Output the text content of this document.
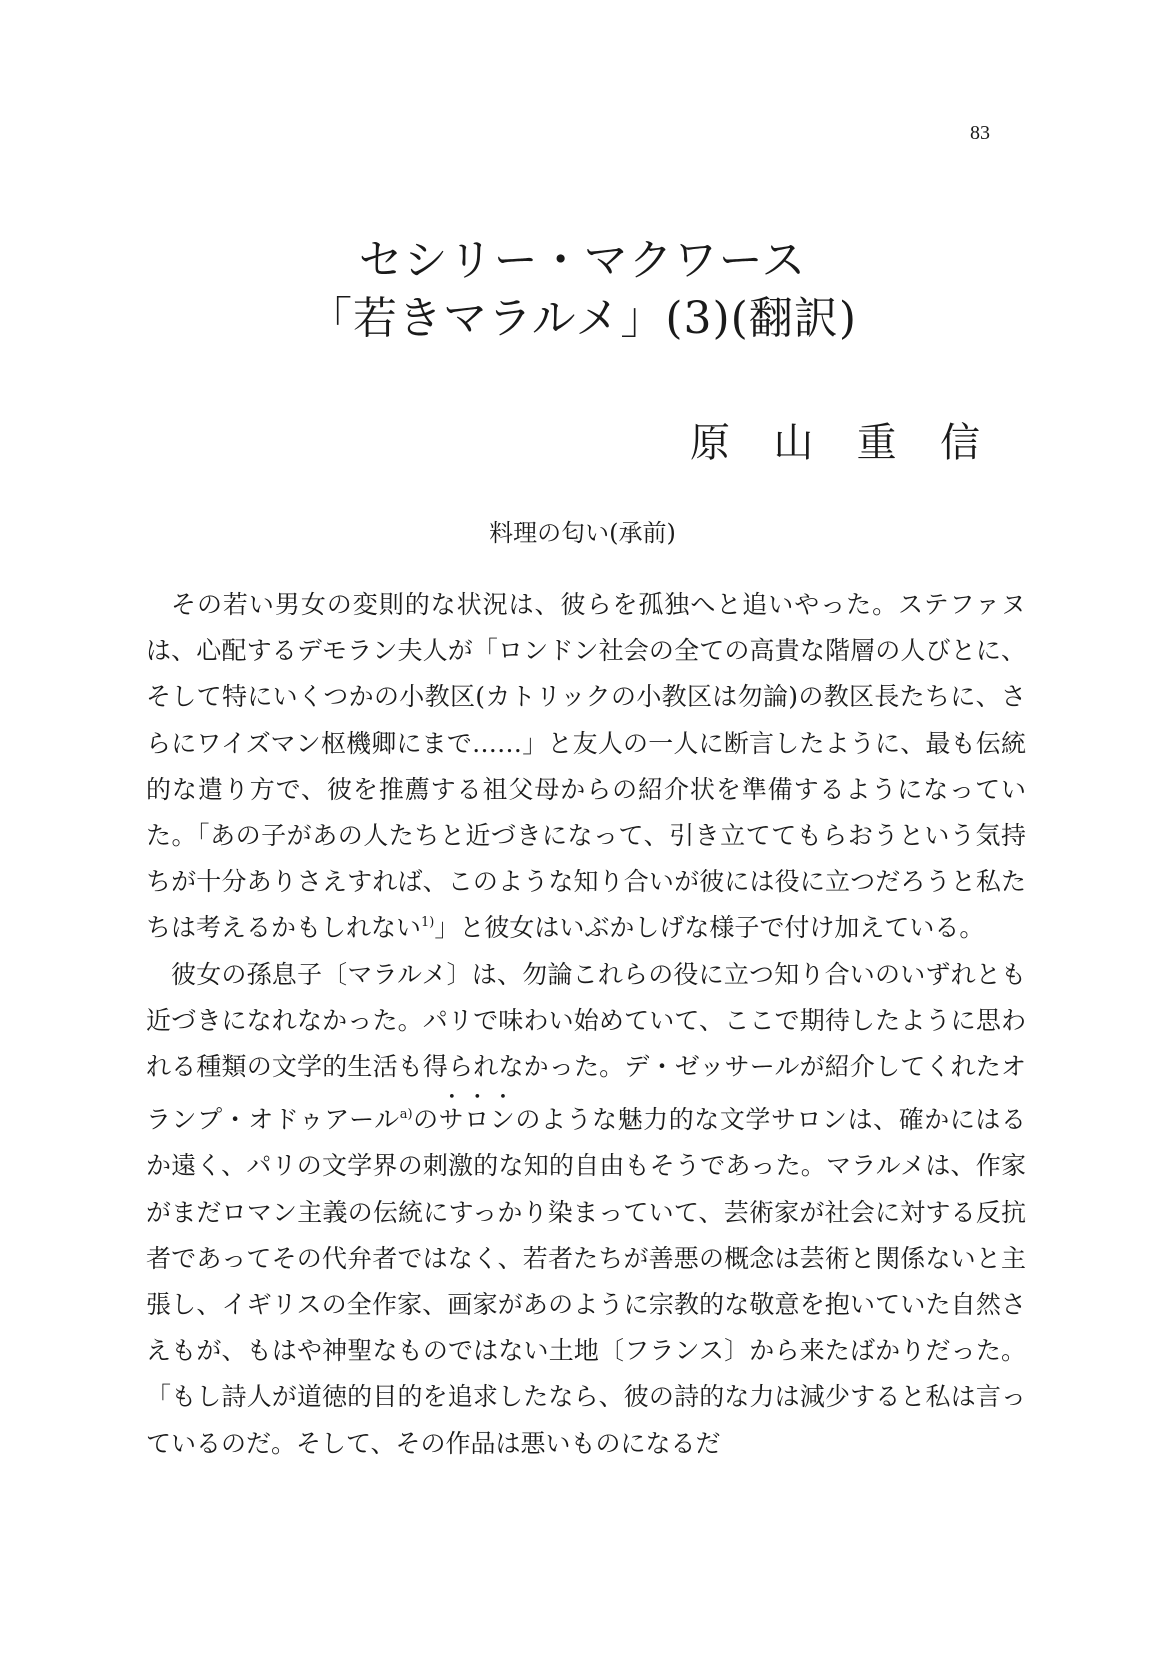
83
セシリー・マクワース
「若きマラルメ」(3)(翻訳)
原 山 重 信
料理の匂い(承前)

その若い男女の変則的な状況は、彼らを孤独へと追いやった。ステファヌは、心配するデモラン夫人が「ロンドン社会の全ての高貴な階層の人びとに、そして特にいくつかの小教区(カトリックの小教区は勿論)の教区長たちに、さらにワイズマン枢機卿にまで……」と友人の一人に断言したように、最も伝統的な遣り方で、彼を推薦する祖父母からの紹介状を準備するようになっていた。「あの子があの人たちと近づきになって、引き立ててもらおうという気持ちが十分ありさえすれば、このような知り合いが彼には役に立つだろうと私たちは考えるかもしれない$^{1)}$」と彼女はいぶかしげな様子で付け加えている。

彼女の孫息子〔マラルメ〕は、勿論これらの役に立つ知り合いのいずれとも近づきになれなかった。パリで味わい始めていて、ここで期待したように思われる種類の文学的生活も得られなかった。デ・ゼッサールが紹介してくれたオランプ・オドゥアール$^{a)}$のサロンのような魅力的な文学サロンは、確かにはるか遠く、パリの文学界の刺激的な知的自由もそうであった。マラルメは、作家がまだロマン主義の伝統にすっかり染まっていて、芸術家が社会に対する反抗者であってその代弁者ではなく、若者たちが善悪の概念は芸術と関係ないと主張し、イギリスの全作家、画家があのように宗教的な敬意を抱いていた自然さえもが、もはや神聖なものではない土地〔フランス〕から来たばかりだった。「もし詩人が道徳的目的を追求したなら、彼の詩的な力は減少すると私は言っているのだ。そして、その作品は悪いものになるだ
